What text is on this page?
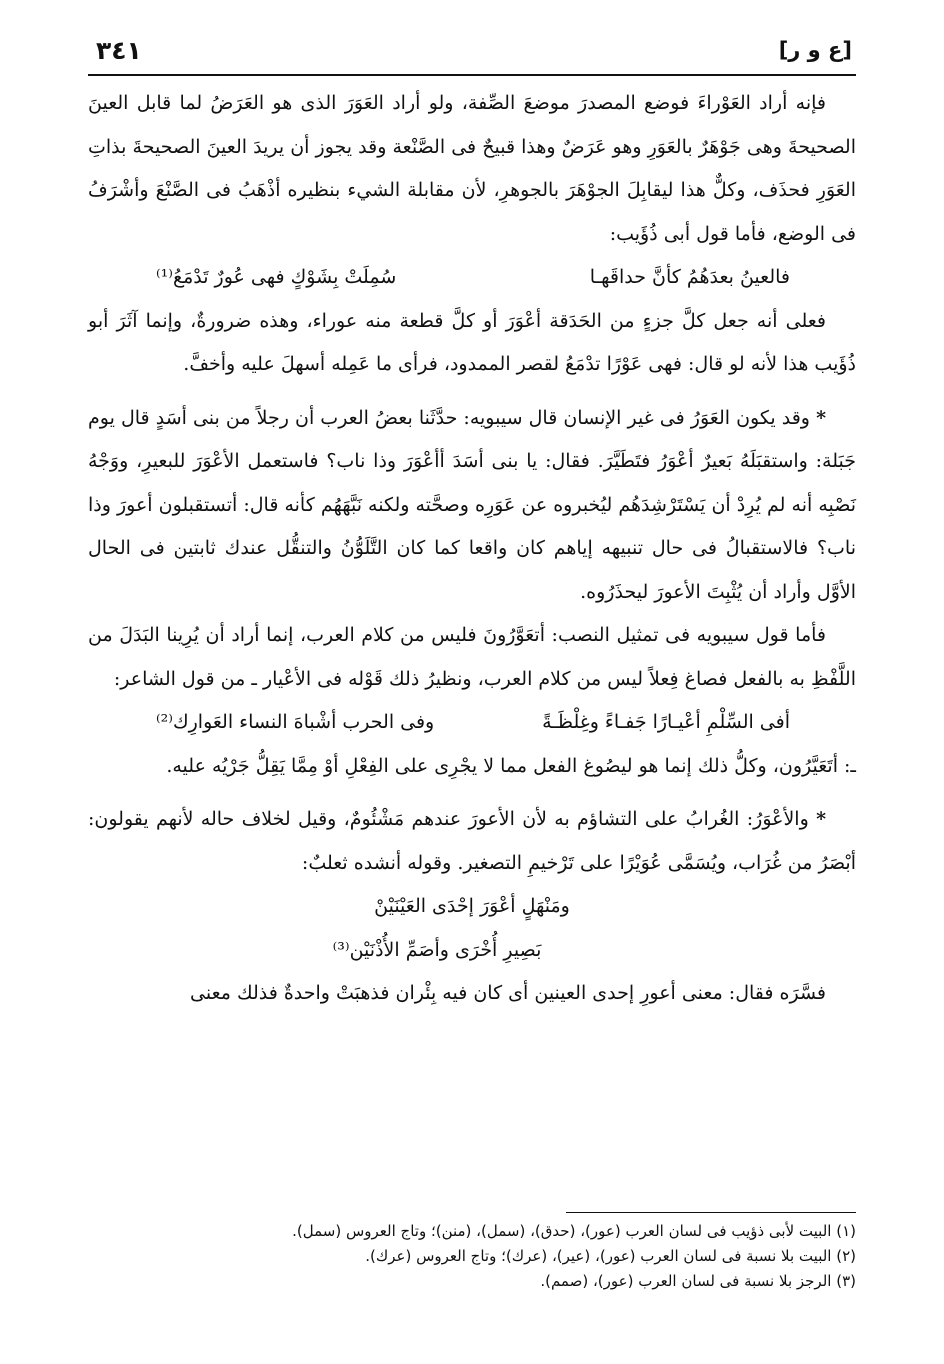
[ع و ر]
٣٤١

فإنه أراد العَوْراءَ فوضع المصدرَ موضعَ الصِّفة، ولو أراد العَوَرَ الذى هو العَرَضُ لما قابل العينَ الصحيحةَ وهى جَوْهَرٌ بالعَوَرِ وهو عَرَضٌ وهذا قبيحٌ فى الصَّنْعة وقد يجوز أن يريدَ العينَ الصحيحةَ بذاتِ العَوَرِ فحذَف، وكلٌّ هذا ليقابِلَ الجوْهَرَ بالجوهرِ، لأن مقابلة الشيء بنظيره أذْهَبُ فى الصَّنْعَ وأشْرَفُ فى الوضع، فأما قول أبى ذُؤَيب:

فالعينُ بعدَهُمُ كأنَّ حداقَهـا
سُمِلَتْ بِشَوْكٍ فهى عُورٌ تَدْمَعُ⁽¹⁾

فعلى أنه جعل كلَّ جزءٍ من الحَدَقة أعْوَرَ أو كلَّ قطعة منه عوراء، وهذه ضرورةٌ، وإنما آثَرَ أبو ذُؤَيب هذا لأنه لو قال: فهى عَوْرًا تدْمَعُ لقصر الممدود، فرأى ما عَمِله أسهلَ عليه وأخفَّ.

* وقد يكون العَوَرُ فى غير الإنسان قال سيبويه: حدَّثَنا بعضُ العرب أن رجلاً من بنى أسَدٍ قال يوم جَبَلة: واستقبَلَهُ بَعيرٌ أعْوَرُ فتَطَيَّرَ. فقال: يا بنى أسَدَ أأعْوَرَ وذا ناب؟ فاستعمل الأعْوَرَ للبعيرِ، ووَجْهُ نَصْبِه أنه لم يُرِدْ أن يَسْتَرْشِدَهُم ليُخبروه عن عَوَرِه وصحَّته ولكنه نَبَّهَهُم كأنه قال: أتستقبلون أعورَ وذا ناب؟ فالاستقبالُ فى حال تنبيهه إياهم كان واقعا كما كان التَّلَوُّنُ والتنقُّل عندك ثابتين فى الحال الأوَّل وأراد أن يُثْبِتَ الأعورَ ليحذَرُوه.

فأما قول سيبويه فى تمثيل النصب: أتعَوَّرُونَ فليس من كلام العرب، إنما أراد أن يُرِينا البَدَلَ من اللَّفْظِ به بالفعل فصاغ فِعلاً ليس من كلام العرب، ونظيرُ ذلك قَوْله فى الأعْيار ـ من قول الشاعر:

أفى السِّلْمِ أعْيـارًا جَفـاءً وغِلْظَـةً
وفى الحرب أشْباهَ النساء العَوارِك⁽²⁾

ـ: أتَعَيَّرُون، وكلُّ ذلك إنما هو ليصُوغ الفعل مما لا يجْرِى على الفِعْلِ أوْ مِمَّا يَقِلُّ جَرْيُه عليه.

* والأعْوَرُ: الغُرابُ على التشاؤم به لأن الأعورَ عندهم مَشْئُومٌ، وقيل لخلاف حاله لأنهم يقولون: أبْصَرُ من غُرَاب، ويُسَمَّى عُوَيْرًا على تَرْخيمِ التصغير. وقوله أنشده ثعلبٌ:

ومَنْهَلٍ أعْوَرَ إحْدَى العَيْنَيْنْ
بَصِيرِ أُخْرَى وأصَمِّ الأُذْنَيْن⁽³⁾

فسَّرَه فقال: معنى أعورِ إحدى العينين أى كان فيه بِئْران فذهبَتْ واحدةٌ فذلك معنى

(١) البيت لأبى ذؤيب فى لسان العرب (عور)، (حدق)، (سمل)، (منن)؛ وتاج العروس (سمل).
(٢) البيت بلا نسبة فى لسان العرب (عور)، (عير)، (عرك)؛ وتاج العروس (عرك).
(٣) الرجز بلا نسبة فى لسان العرب (عور)، (صمم).
